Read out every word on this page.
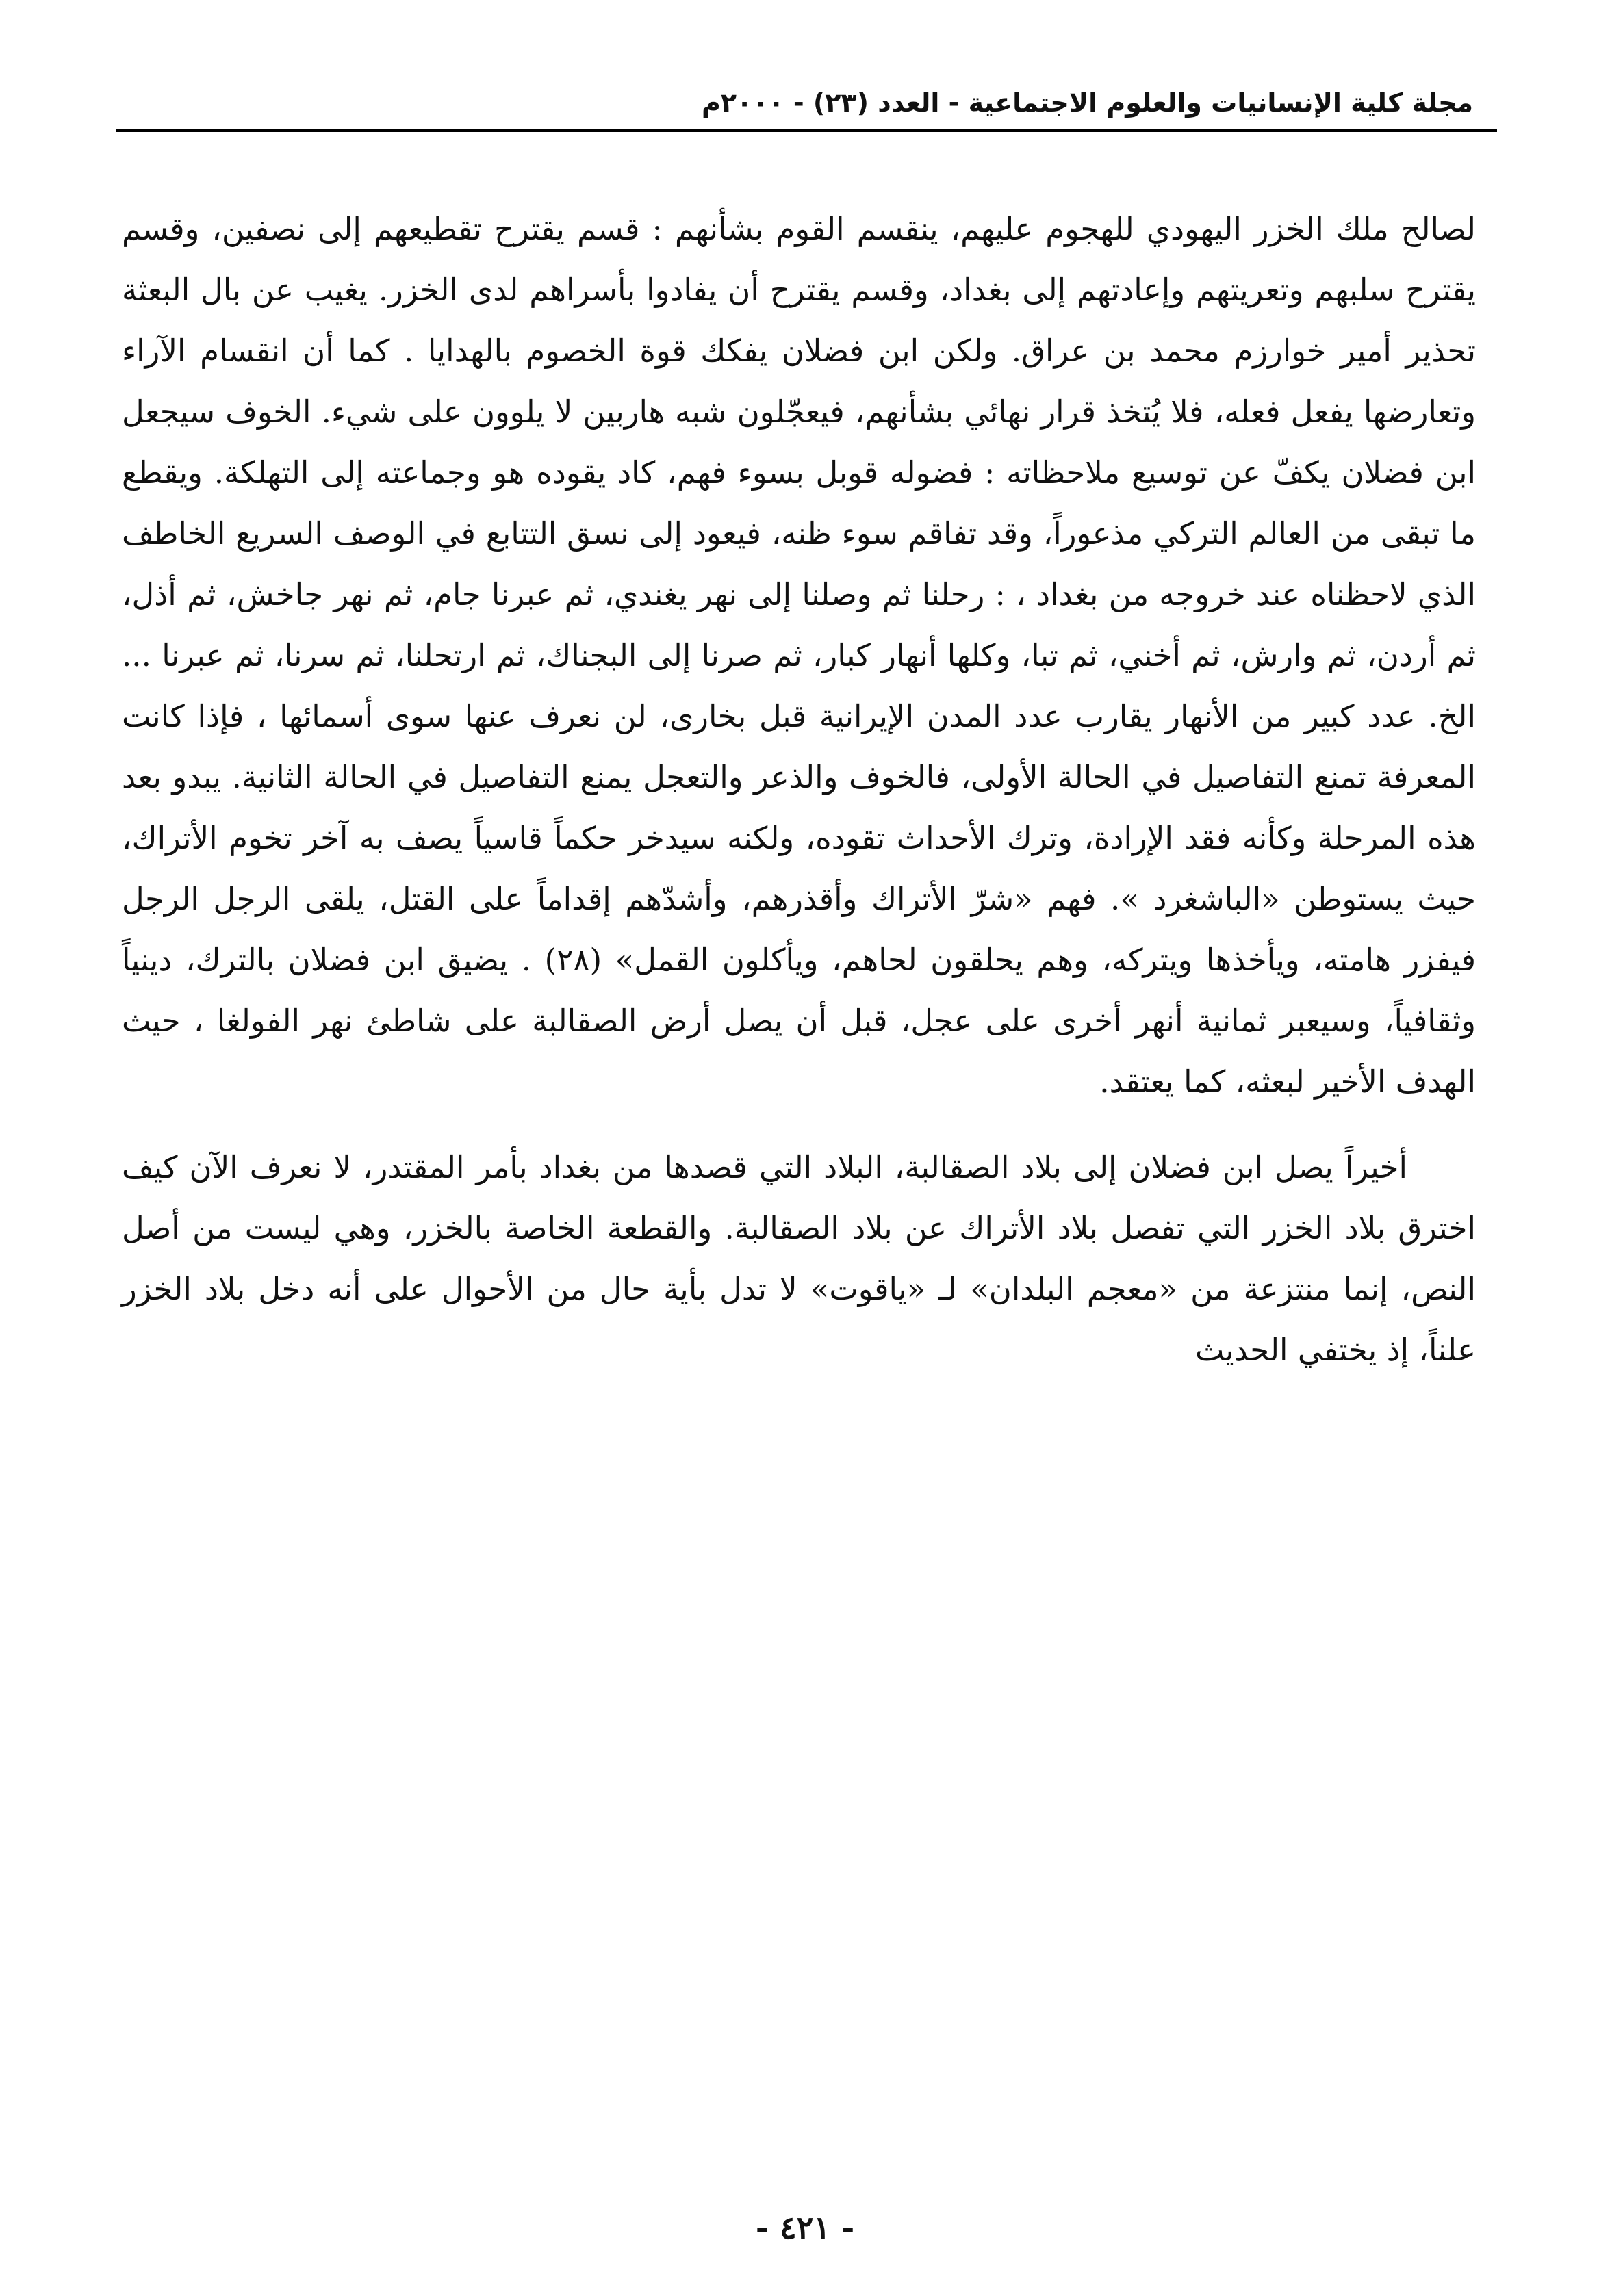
مجلة كلية الإنسانيات والعلوم الاجتماعية - العدد (٢٣) - ٢٠٠٠م

لصالح ملك الخزر اليهودي للهجوم عليهم، ينقسم القوم بشأنهم : قسم يقترح تقطيعهم إلى نصفين، وقسم يقترح سلبهم وتعريتهم وإعادتهم إلى بغداد، وقسم يقترح أن يفادوا بأسراهم لدى الخزر. يغيب عن بال البعثة تحذير أمير خوارزم محمد بن عراق. ولكن ابن فضلان يفكك قوة الخصوم بالهدايا . كما أن انقسام الآراء وتعارضها يفعل فعله، فلا يُتخذ قرار نهائي بشأنهم، فيعجّلون شبه هاربين لا يلوون على شيء. الخوف سيجعل ابن فضلان يكفّ عن توسيع ملاحظاته : فضوله قوبل بسوء فهم، كاد يقوده هو وجماعته إلى التهلكة. ويقطع ما تبقى من العالم التركي مذعوراً، وقد تفاقم سوء ظنه، فيعود إلى نسق التتابع في الوصف السريع الخاطف الذي لاحظناه عند خروجه من بغداد ، : رحلنا ثم وصلنا إلى نهر يغندي، ثم عبرنا جام، ثم نهر جاخش، ثم أذل، ثم أردن، ثم وارش، ثم أخني، ثم تبا، وكلها أنهار كبار، ثم صرنا إلى البجناك، ثم ارتحلنا، ثم سرنا، ثم عبرنا ... الخ. عدد كبير من الأنهار يقارب عدد المدن الإيرانية قبل بخارى، لن نعرف عنها سوى أسمائها ، فإذا كانت المعرفة تمنع التفاصيل في الحالة الأولى، فالخوف والذعر والتعجل يمنع التفاصيل في الحالة الثانية. يبدو بعد هذه المرحلة وكأنه فقد الإرادة، وترك الأحداث تقوده، ولكنه سيدخر حكماً قاسياً يصف به آخر تخوم الأتراك، حيث يستوطن «الباشغرد ». فهم «شرّ الأتراك وأقذرهم، وأشدّهم إقداماً على القتل، يلقى الرجل الرجل فيفزر هامته، ويأخذها ويتركه، وهم يحلقون لحاهم، ويأكلون القمل» (٢٨) . يضيق ابن فضلان بالترك، دينياً وثقافياً، وسيعبر ثمانية أنهر أخرى على عجل، قبل أن يصل أرض الصقالبة على شاطئ نهر الفولغا ، حيث الهدف الأخير لبعثه، كما يعتقد.

أخيراً يصل ابن فضلان إلى بلاد الصقالبة، البلاد التي قصدها من بغداد بأمر المقتدر، لا نعرف الآن كيف اخترق بلاد الخزر التي تفصل بلاد الأتراك عن بلاد الصقالبة. والقطعة الخاصة بالخزر، وهي ليست من أصل النص، إنما منتزعة من «معجم البلدان» لـ «ياقوت» لا تدل بأية حال من الأحوال على أنه دخل بلاد الخزر علناً، إذ يختفي الحديث

- ٤٢١ -
